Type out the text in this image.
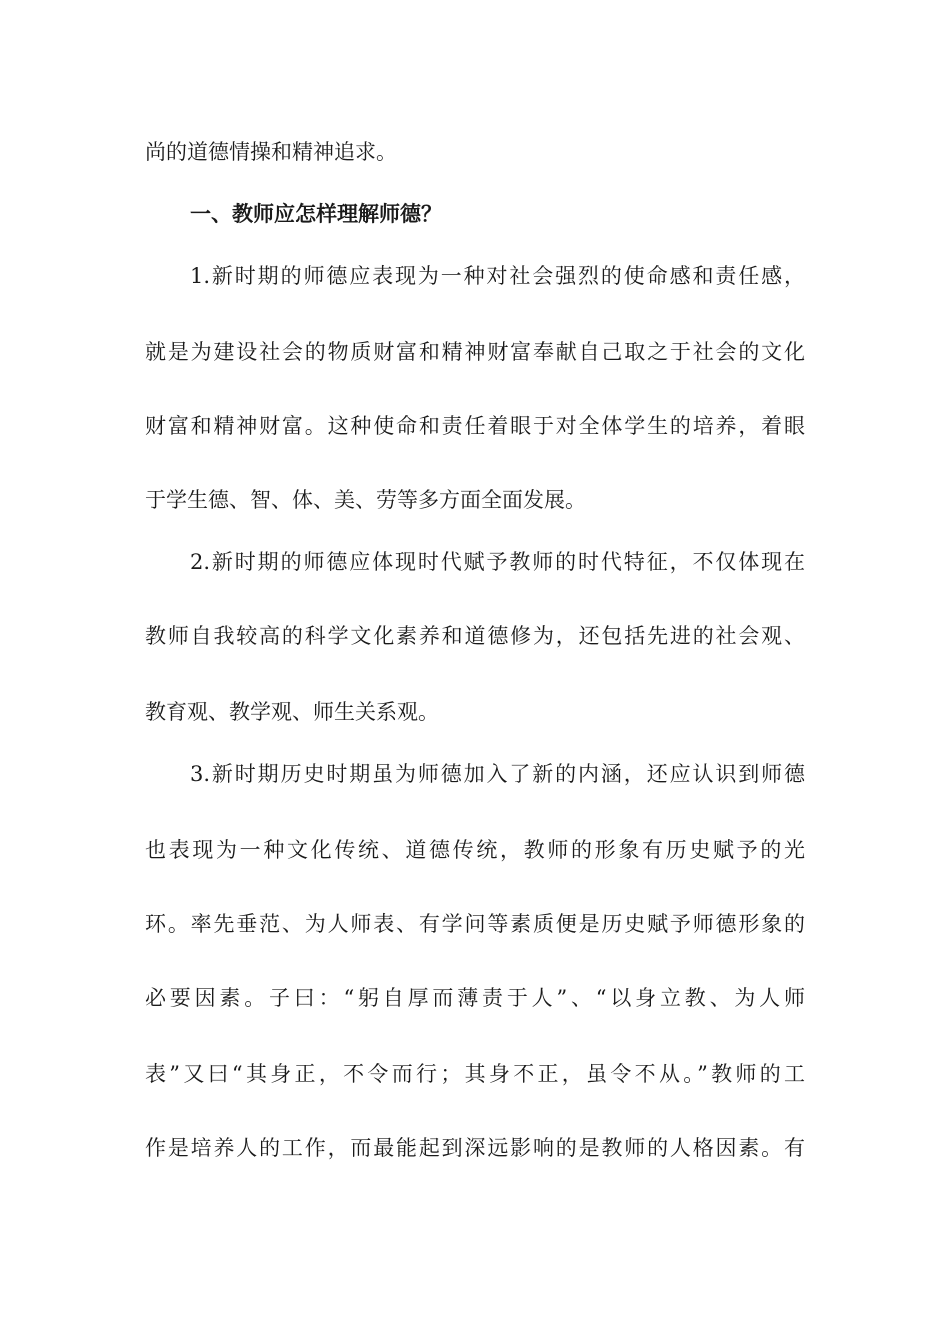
尚的道德情操和精神追求。

一、教师应怎样理解师德？

1.新时期的师德应表现为一种对社会强烈的使命感和责任感，

就是为建设社会的物质财富和精神财富奉献自己取之于社会的文化

财富和精神财富。这种使命和责任着眼于对全体学生的培养，着眼

于学生德、智、体、美、劳等多方面全面发展。

2.新时期的师德应体现时代赋予教师的时代特征，不仅体现在

教师自我较高的科学文化素养和道德修为，还包括先进的社会观、

教育观、教学观、师生关系观。

3.新时期历史时期虽为师德加入了新的内涵，还应认识到师德

也表现为一种文化传统、道德传统，教师的形象有历史赋予的光

环。率先垂范、为人师表、有学问等素质便是历史赋予师德形象的

必要因素。子曰：“躬自厚而薄责于人”、“以身立教、为人师

表”又曰“其身正，不令而行；其身不正，虽令不从。”教师的工

作是培养人的工作，而最能起到深远影响的是教师的人格因素。有
